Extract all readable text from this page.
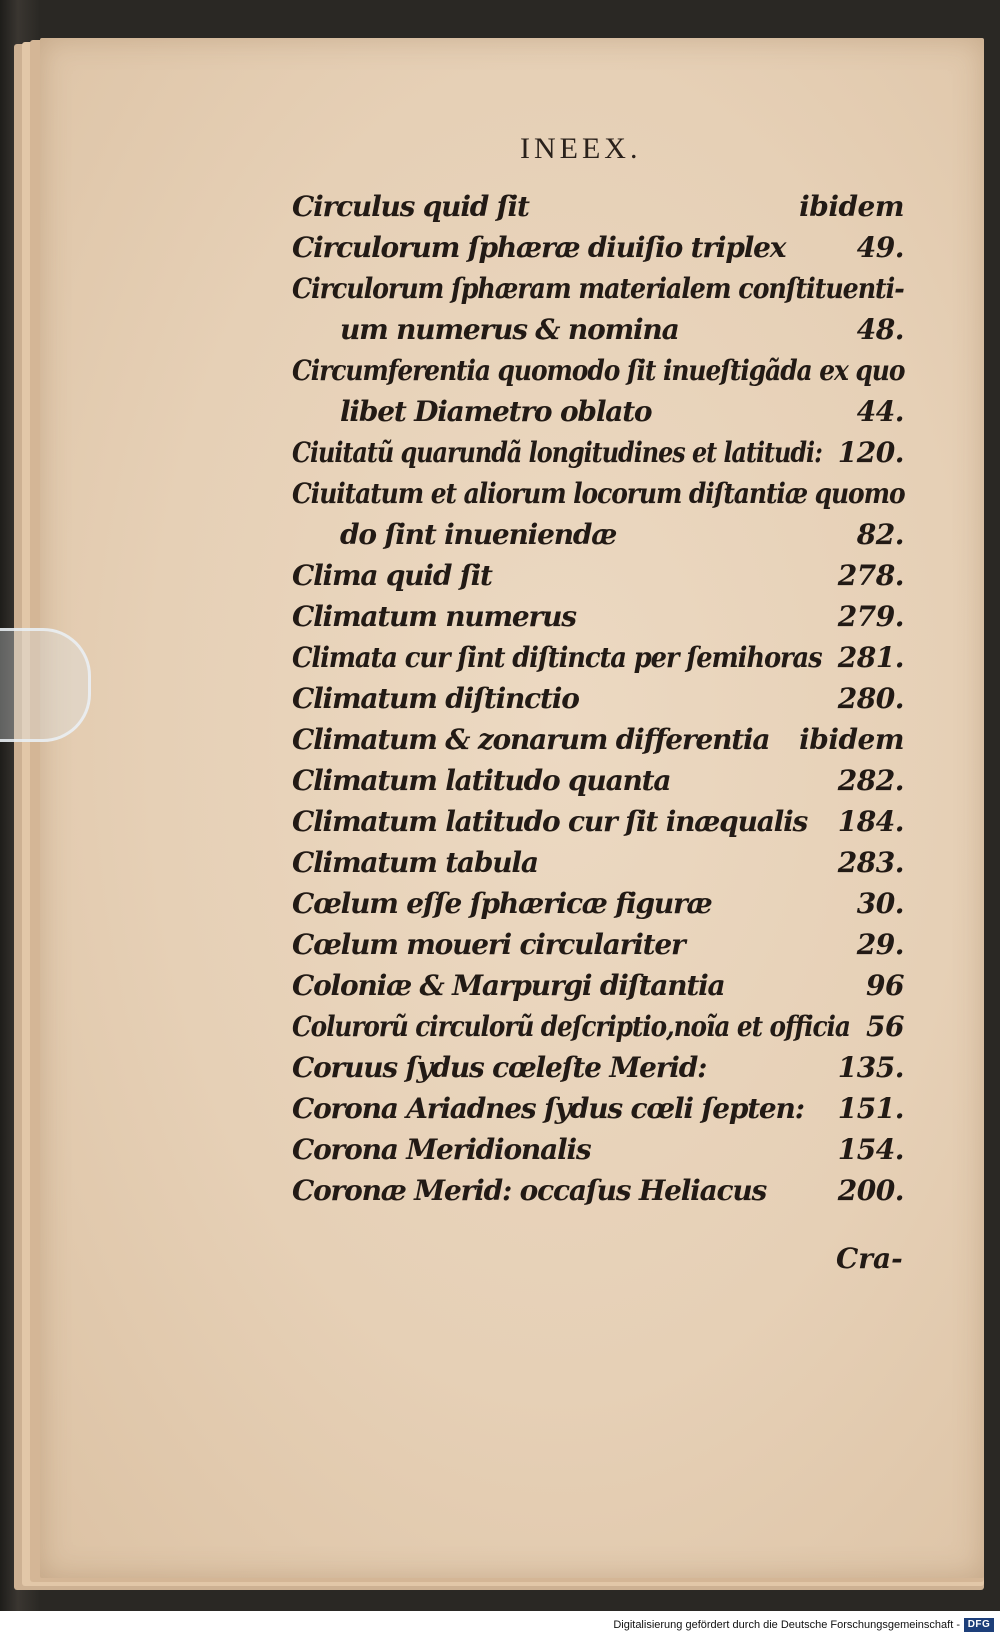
INEEX.
Circulus quid ſit	ibidem
Circulorum ſphæræ diuiſio triplex	49.
Circulorum ſphæram materialem conſtituenti-
um numerus & nomina	48.
Circumferentia quomodo ſit inueſtigãda ex quo
libet Diametro oblato	44.
Ciuitatũ quarundã longitudines et latitudi: 120.
Ciuitatum et aliorum locorum diſtantiæ quomo
do ſint inueniendæ	82.
Clima quid ſit	278.
Climatum numerus	279.
Climata cur ſint diſtincta per ſemihoras 281.
Climatum diſtinctio	280.
Climatum & zonarum differentia ibidem
Climatum latitudo quanta	282.
Climatum latitudo cur ſit inæqualis 184.
Climatum tabula	283.
Cœlum eſſe ſphæricæ figuræ	30.
Cœlum moueri circulariter	29.
Coloniæ & Marpurgi diſtantia	96
Colurorũ circulorũ deſcriptio,noĩa et officia 56
Coruus ſydus cœleſte Merid:	135.
Corona Ariadnes ſydus cœli ſepten: 151.
Corona Meridionalis	154.
Coronæ Merid: occaſus Heliacus	200.
Cra-
Digitalisierung gefördert durch die Deutsche Forschungsgemeinschaft - DFG
